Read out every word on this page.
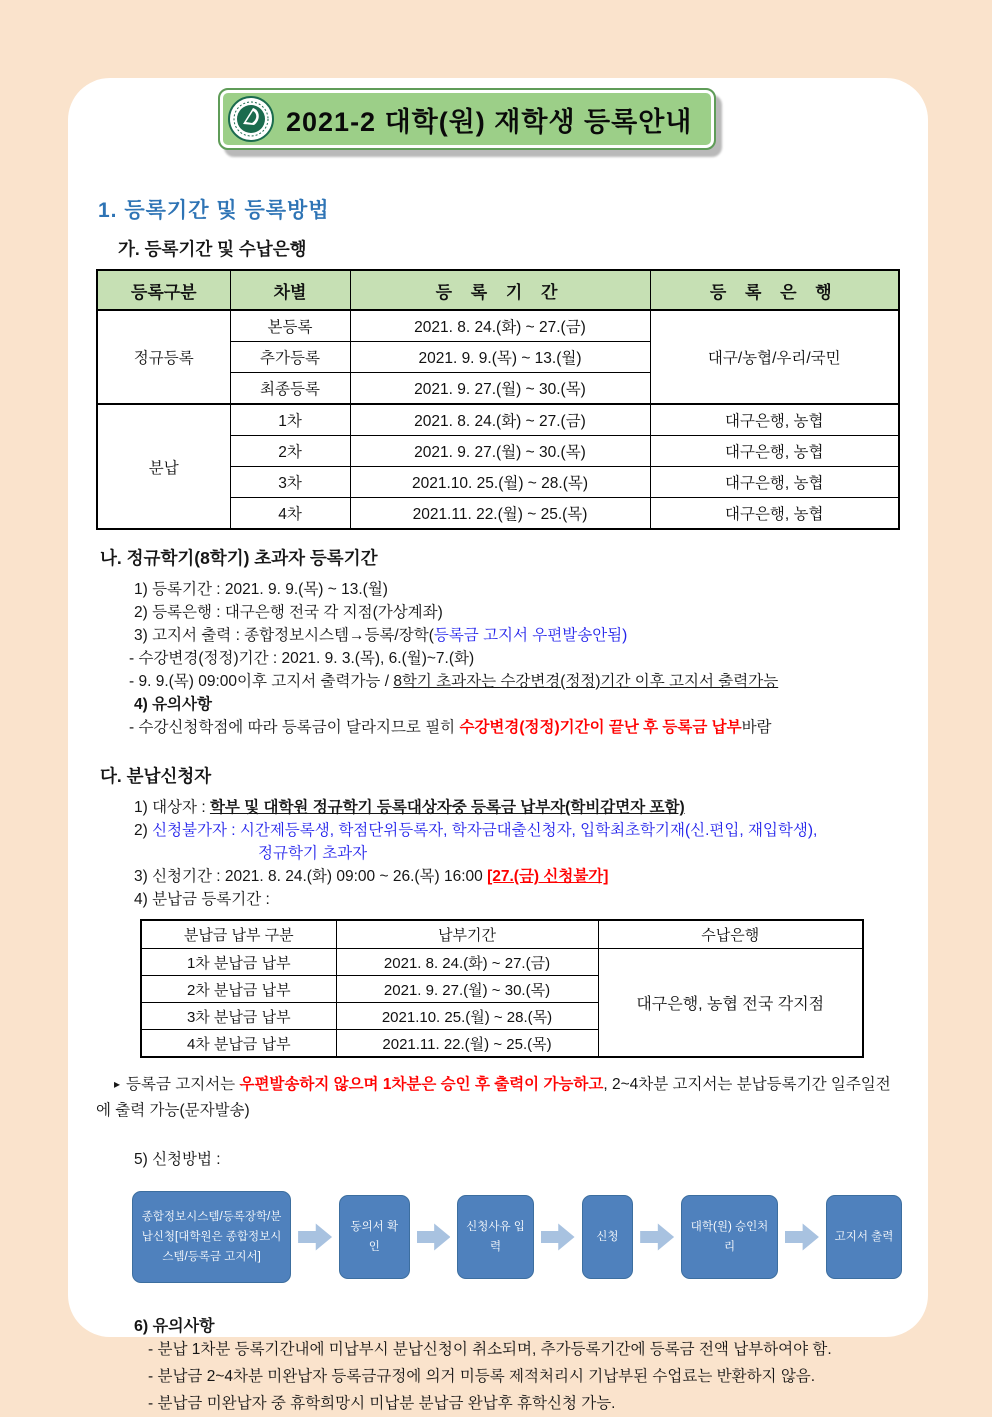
2021-2 대학(원) 재학생 등록안내
1. 등록기간 및 등록방법
가. 등록기간 및 수납은행
등록구분	차별	등 록 기 간	등 록 은 행
정규등록	본등록	2021. 8. 24.(화) ~ 27.(금)	대구/농협/우리/국민
	추가등록	2021. 9. 9.(목) ~ 13.(월)	
	최종등록	2021. 9. 27.(월) ~ 30.(목)	
분납	1차	2021. 8. 24.(화) ~ 27.(금)	대구은행, 농협
	2차	2021. 9. 27.(월) ~ 30.(목)	대구은행, 농협
	3차	2021.10. 25.(월) ~ 28.(목)	대구은행, 농협
	4차	2021.11. 22.(월) ~ 25.(목)	대구은행, 농협
나. 정규학기(8학기) 초과자 등록기간
1) 등록기간 : 2021. 9. 9.(목) ~ 13.(월)
2) 등록은행 : 대구은행 전국 각 지점(가상계좌)
3) 고지서 출력 : 종합정보시스템→등록/장학(등록금 고지서 우편발송안됨)
- 수강변경(정정)기간 : 2021. 9. 3.(목), 6.(월)~7.(화)
- 9. 9.(목) 09:00이후 고지서 출력가능 / 8학기 초과자는 수강변경(정정)기간 이후 고지서 출력가능
4) 유의사항
- 수강신청학점에 따라 등록금이 달라지므로 필히 수강변경(정정)기간이 끝난 후 등록금 납부바람
다. 분납신청자
1) 대상자 : 학부 및 대학원 정규학기 등록대상자중 등록금 납부자(학비감면자 포함)
2) 신청불가자 : 시간제등록생, 학점단위등록자, 학자금대출신청자, 입학최초학기재(신.편입, 재입학생),
정규학기 초과자
3) 신청기간 : 2021. 8. 24.(화) 09:00 ~ 26.(목) 16:00 [27.(금) 신청불가]
4) 분납금 등록기간 :
분납금 납부 구분	납부기간	수납은행
1차 분납금 납부	2021. 8. 24.(화) ~ 27.(금)	대구은행, 농협 전국 각지점
2차 분납금 납부	2021. 9. 27.(월) ~ 30.(목)	
3차 분납금 납부	2021.10. 25.(월) ~ 28.(목)	
4차 분납금 납부	2021.11. 22.(월) ~ 25.(목)	

▸ 등록금 고지서는 우편발송하지 않으며 1차분은 승인 후 출력이 가능하고, 2~4차분 고지서는 분납등록기간 일주일전에 출력 가능(문자발송)

5) 신청방법 :
종합정보시스템/등록장학/분납신청[대학원은 종합정보시스템/등록금 고지서]
동의서 확인
신청사유 입력
신청
대학(원) 승인처리
고지서 출력
6) 유의사항
- 분납 1차분 등록기간내에 미납부시 분납신청이 취소되며, 추가등록기간에 등록금 전액 납부하여야 함.
- 분납금 2~4차분 미완납자 등록금규정에 의거 미등록 제적처리시 기납부된 수업료는 반환하지 않음.
- 분납금 미완납자 중 휴학희망시 미납분 분납금 완납후 휴학신청 가능.
